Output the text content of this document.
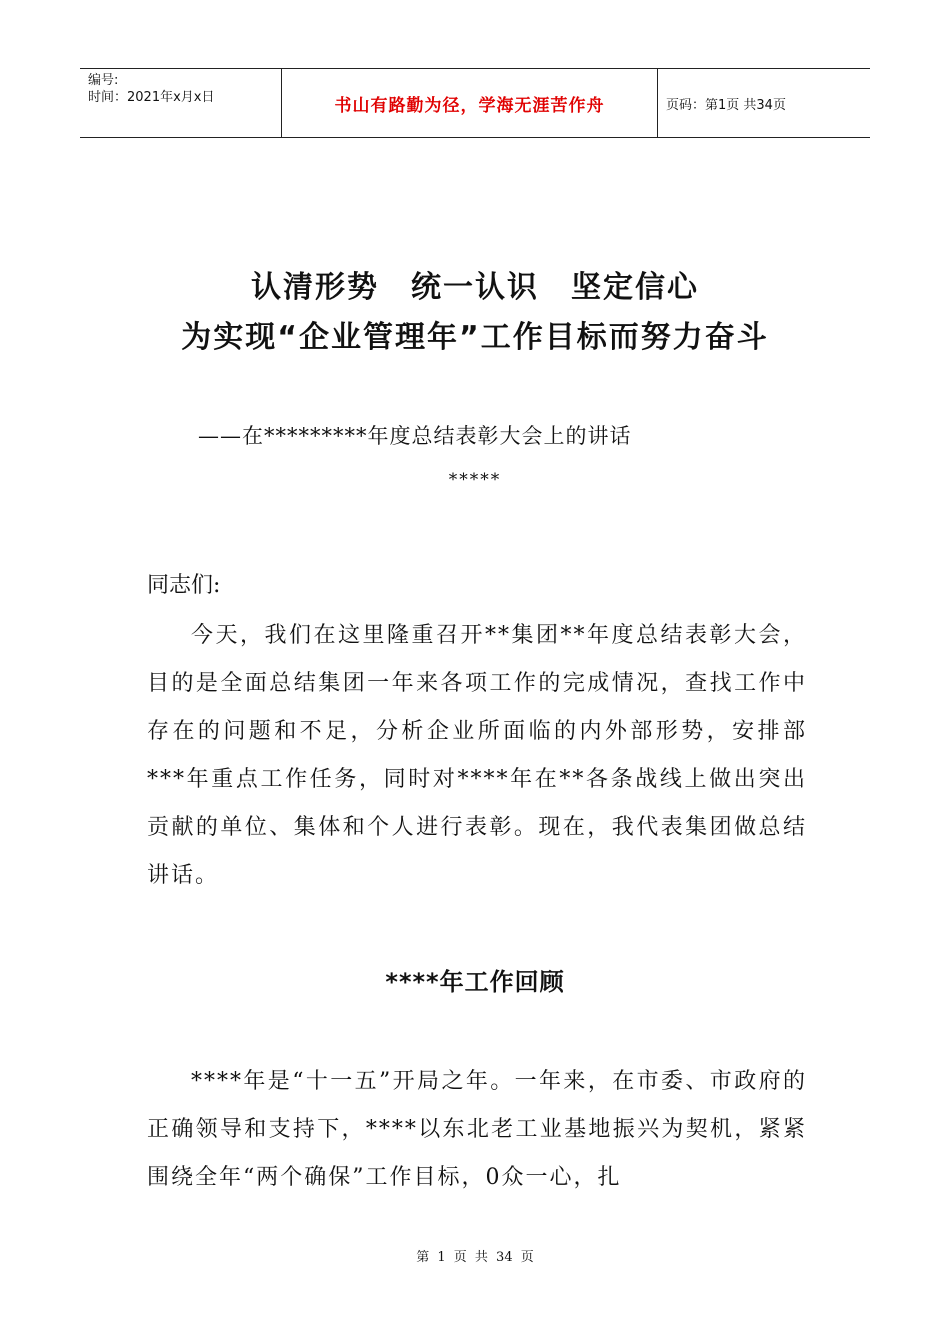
编号:
时间：2021年x月x日	书山有路勤为径，学海无涯苦作舟	页码：第1页 共34页
认清形势　统一认识　坚定信心
为实现“企业管理年”工作目标而努力奋斗
——在*********年度总结表彰大会上的讲话
*****
同志们:
今天，我们在这里隆重召开**集团**年度总结表彰大会，目的是全面总结集团一年来各项工作的完成情况，查找工作中存在的问题和不足，分析企业所面临的内外部形势，安排部***年重点工作任务，同时对****年在**各条战线上做出突出贡献的单位、集体和个人进行表彰。现在，我代表集团做总结讲话。
****年工作回顾
****年是“十一五”开局之年。一年来，在市委、市政府的正确领导和支持下，****以东北老工业基地振兴为契机，紧紧围绕全年“两个确保”工作目标，0众一心，扎
第 1 页 共 34 页
